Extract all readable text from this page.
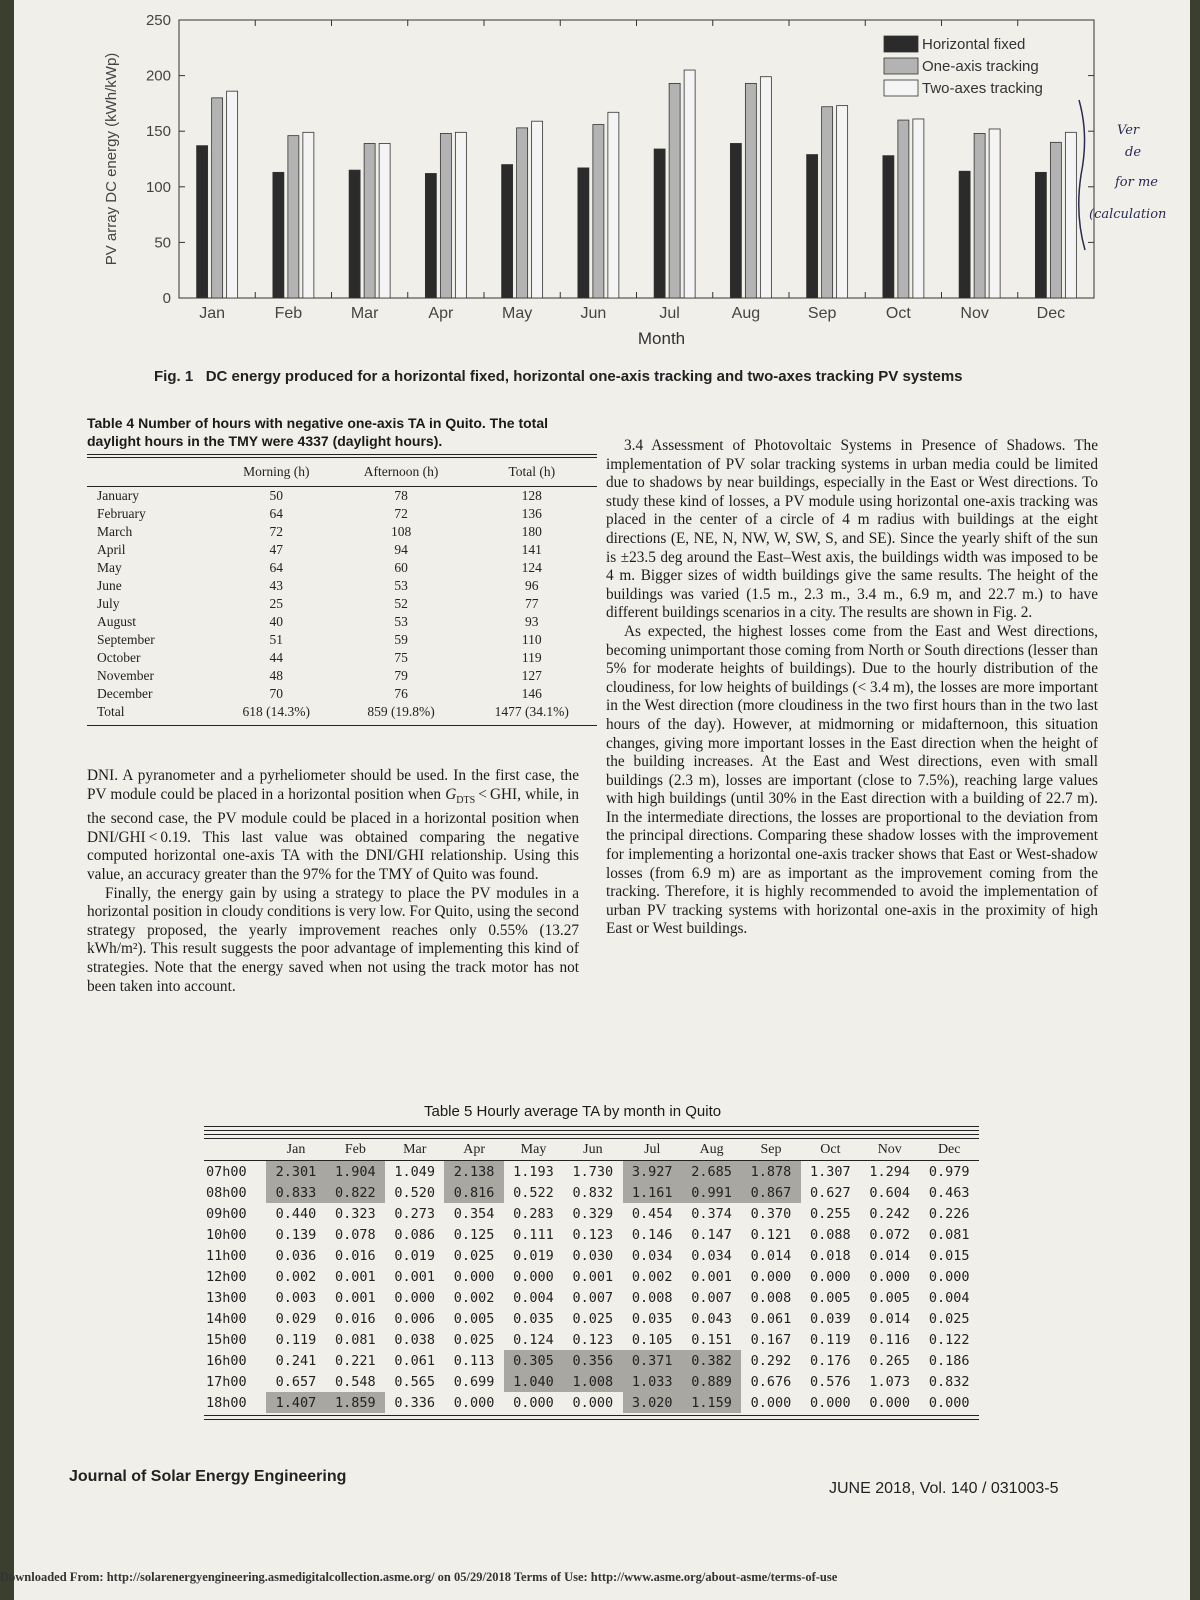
0
50
100
150
200
250
Jan	Feb	Mar	Apr	May	Jun	Jul	Aug	Sep	Oct	Nov	Dec
Month
PV array DC energy (kWh/kWp)
Horizontal fixed
One-axis tracking
Two-axes tracking
Fig. 1 DC energy produced for a horizontal fixed, horizontal one-axis tracking and two-axes tracking PV systems
Ver
de
for me
(calculation
Table 4 Number of hours with negative one-axis TA in Quito. The total daylight hours in the TMY were 4337 (daylight hours).
	Morning (h)	Afternoon (h)	Total (h)
January	50	78	128
February	64	72	136
March	72	108	180
April	47	94	141
May	64	60	124
June	43	53	96
July	25	52	77
August	40	53	93
September	51	59	110
October	44	75	119
November	48	79	127
December	70	76	146
Total	618 (14.3%)	859 (19.8%)	1477 (34.1%)

DNI. A pyranometer and a pyrheliometer should be used. In the first case, the PV module could be placed in a horizontal position when $G_{DTS}$ < GHI, while, in the second case, the PV module could be placed in a horizontal position when DNI/GHI < 0.19. This last value was obtained comparing the negative computed horizontal one-axis TA with the DNI/GHI relationship. Using this value, an accuracy greater than the 97% for the TMY of Quito was found.

Finally, the energy gain by using a strategy to place the PV modules in a horizontal position in cloudy conditions is very low. For Quito, using the second strategy proposed, the yearly improvement reaches only 0.55% (13.27 kWh/m²). This result suggests the poor advantage of implementing this kind of strategies. Note that the energy saved when not using the track motor has not been taken into account.

3.4 Assessment of Photovoltaic Systems in Presence of Shadows. The implementation of PV solar tracking systems in urban media could be limited due to shadows by near buildings, especially in the East or West directions. To study these kind of losses, a PV module using horizontal one-axis tracking was placed in the center of a circle of 4 m radius with buildings at the eight directions (E, NE, N, NW, W, SW, S, and SE). Since the yearly shift of the sun is ±23.5 deg around the East–West axis, the buildings width was imposed to be 4 m. Bigger sizes of width buildings give the same results. The height of the buildings was varied (1.5 m., 2.3 m., 3.4 m., 6.9 m, and 22.7 m.) to have different buildings scenarios in a city. The results are shown in Fig. 2.

As expected, the highest losses come from the East and West directions, becoming unimportant those coming from North or South directions (lesser than 5% for moderate heights of buildings). Due to the hourly distribution of the cloudiness, for low heights of buildings (< 3.4 m), the losses are more important in the West direction (more cloudiness in the two first hours than in the two last hours of the day). However, at midmorning or midafternoon, this situation changes, giving more important losses in the East direction when the height of the building increases. At the East and West directions, even with small buildings (2.3 m), losses are important (close to 7.5%), reaching large values with high buildings (until 30% in the East direction with a building of 22.7 m). In the intermediate directions, the losses are proportional to the deviation from the principal directions. Comparing these shadow losses with the improvement for implementing a horizontal one-axis tracker shows that East or West-shadow losses (from 6.9 m) are as important as the improvement coming from the tracking. Therefore, it is highly recommended to avoid the implementation of urban PV tracking systems with horizontal one-axis in the proximity of high East or West buildings.

Table 5 Hourly average TA by month in Quito
	Jan	Feb	Mar	Apr	May	Jun	Jul	Aug	Sep	Oct	Nov	Dec
07h00	2.301	1.904	1.049	2.138	1.193	1.730	3.927	2.685	1.878	1.307	1.294	0.979
08h00	0.833	0.822	0.520	0.816	0.522	0.832	1.161	0.991	0.867	0.627	0.604	0.463
09h00	0.440	0.323	0.273	0.354	0.283	0.329	0.454	0.374	0.370	0.255	0.242	0.226
10h00	0.139	0.078	0.086	0.125	0.111	0.123	0.146	0.147	0.121	0.088	0.072	0.081
11h00	0.036	0.016	0.019	0.025	0.019	0.030	0.034	0.034	0.014	0.018	0.014	0.015
12h00	0.002	0.001	0.001	0.000	0.000	0.001	0.002	0.001	0.000	0.000	0.000	0.000
13h00	0.003	0.001	0.000	0.002	0.004	0.007	0.008	0.007	0.008	0.005	0.005	0.004
14h00	0.029	0.016	0.006	0.005	0.035	0.025	0.035	0.043	0.061	0.039	0.014	0.025
15h00	0.119	0.081	0.038	0.025	0.124	0.123	0.105	0.151	0.167	0.119	0.116	0.122
16h00	0.241	0.221	0.061	0.113	0.305	0.356	0.371	0.382	0.292	0.176	0.265	0.186
17h00	0.657	0.548	0.565	0.699	1.040	1.008	1.033	0.889	0.676	0.576	1.073	0.832
18h00	1.407	1.859	0.336	0.000	0.000	0.000	3.020	1.159	0.000	0.000	0.000	0.000
Journal of Solar Energy Engineering
JUNE 2018, Vol. 140 / 031003-5
Downloaded From: http://solarenergyengineering.asmedigitalcollection.asme.org/ on 05/29/2018 Terms of Use: http://www.asme.org/about-asme/terms-of-use
